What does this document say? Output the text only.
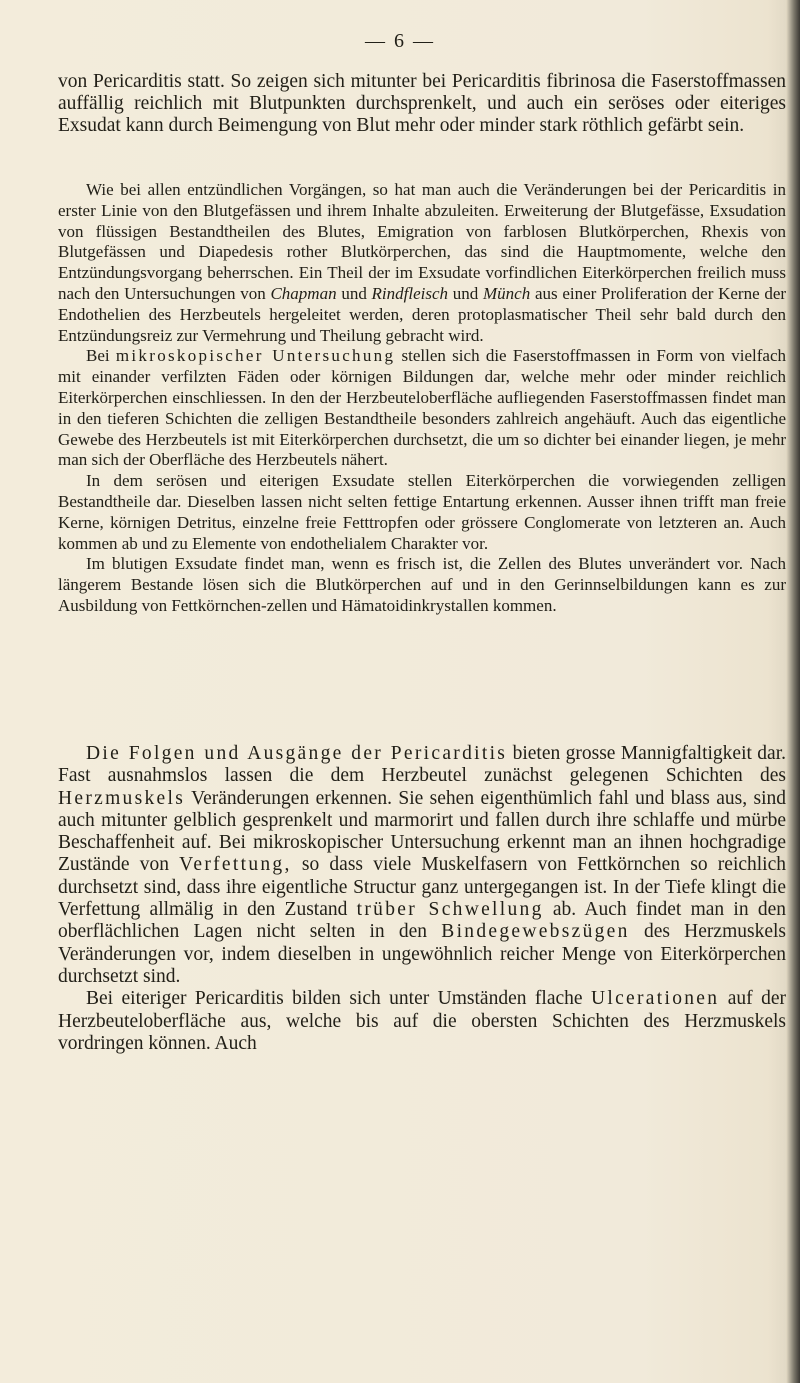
— 6 —

von Pericarditis statt. So zeigen sich mitunter bei Pericarditis fibrinosa die Faserstoffmassen auffällig reichlich mit Blutpunkten durchsprenkelt, und auch ein seröses oder eiteriges Exsudat kann durch Beimengung von Blut mehr oder minder stark röthlich gefärbt sein.

Wie bei allen entzündlichen Vorgängen, so hat man auch die Veränderungen bei der Pericarditis in erster Linie von den Blutgefässen und ihrem Inhalte abzuleiten. Erweiterung der Blutgefässe, Exsudation von flüssigen Bestandtheilen des Blutes, Emigration von farblosen Blutkörperchen, Rhexis von Blutgefässen und Diapedesis rother Blutkörperchen, das sind die Hauptmomente, welche den Entzündungsvorgang beherrschen. Ein Theil der im Exsudate vorfindlichen Eiterkörperchen freilich muss nach den Untersuchungen von Chapman und Rindfleisch und Münch aus einer Proliferation der Kerne der Endothelien des Herzbeutels hergeleitet werden, deren protoplasmatischer Theil sehr bald durch den Entzündungsreiz zur Vermehrung und Theilung gebracht wird.

Bei mikroskopischer Untersuchung stellen sich die Faserstoffmassen in Form von vielfach mit einander verfilzten Fäden oder körnigen Bildungen dar, welche mehr oder minder reichlich Eiterkörperchen einschliessen. In den der Herzbeuteloberfläche aufliegenden Faserstoffmassen findet man in den tieferen Schichten die zelligen Bestandtheile besonders zahlreich angehäuft. Auch das eigentliche Gewebe des Herzbeutels ist mit Eiterkörperchen durchsetzt, die um so dichter bei einander liegen, je mehr man sich der Oberfläche des Herzbeutels nähert.

In dem serösen und eiterigen Exsudate stellen Eiterkörperchen die vorwiegenden zelligen Bestandtheile dar. Dieselben lassen nicht selten fettige Entartung erkennen. Ausser ihnen trifft man freie Kerne, körnigen Detritus, einzelne freie Fetttropfen oder grössere Conglomerate von letzteren an. Auch kommen ab und zu Elemente von endothelialem Charakter vor.

Im blutigen Exsudate findet man, wenn es frisch ist, die Zellen des Blutes unverändert vor. Nach längerem Bestande lösen sich die Blutkörperchen auf und in den Gerinnselbildungen kann es zur Ausbildung von Fettkörnchen-zellen und Hämatoidinkrystallen kommen.

Die Folgen und Ausgänge der Pericarditis bieten grosse Mannigfaltigkeit dar. Fast ausnahmslos lassen die dem Herzbeutel zunächst gelegenen Schichten des Herzmuskels Veränderungen erkennen. Sie sehen eigenthümlich fahl und blass aus, sind auch mitunter gelblich gesprenkelt und marmorirt und fallen durch ihre schlaffe und mürbe Beschaffenheit auf. Bei mikroskopischer Untersuchung erkennt man an ihnen hochgradige Zustände von Verfettung, so dass viele Muskelfasern von Fettkörnchen so reichlich durchsetzt sind, dass ihre eigentliche Structur ganz untergegangen ist. In der Tiefe klingt die Verfettung allmälig in den Zustand trüber Schwellung ab. Auch findet man in den oberflächlichen Lagen nicht selten in den Bindegewebszügen des Herzmuskels Veränderungen vor, indem dieselben in ungewöhnlich reicher Menge von Eiterkörperchen durchsetzt sind.

Bei eiteriger Pericarditis bilden sich unter Umständen flache Ulcerationen auf der Herzbeuteloberfläche aus, welche bis auf die obersten Schichten des Herzmuskels vordringen können. Auch
